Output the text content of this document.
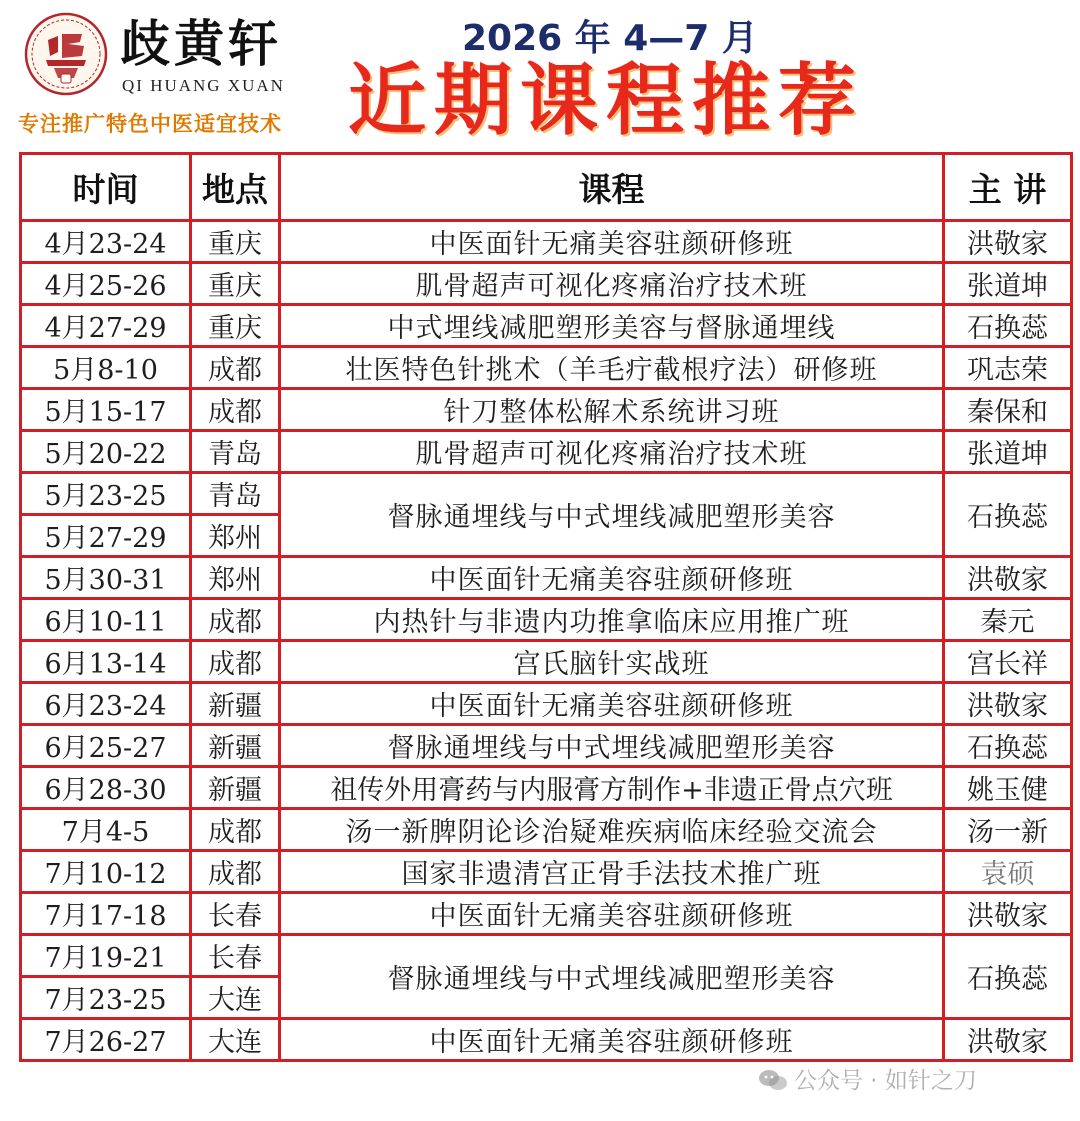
歧黄轩
QI HUANG XUAN
专注推广特色中医适宜技术
2026 年 4—7 月
近期课程推荐
时间	地点	课程	主 讲
4月23-24	重庆	中医面针无痛美容驻颜研修班	洪敬家
4月25-26	重庆	肌骨超声可视化疼痛治疗技术班	张道坤
4月27-29	重庆	中式埋线减肥塑形美容与督脉通埋线	石换蕊
5月8-10	成都	壮医特色针挑术（羊毛疔截根疗法）研修班	巩志荣
5月15-17	成都	针刀整体松解术系统讲习班	秦保和
5月20-22	青岛	肌骨超声可视化疼痛治疗技术班	张道坤
5月23-25	青岛	督脉通埋线与中式埋线减肥塑形美容	石换蕊
5月27-29	郑州		
5月30-31	郑州	中医面针无痛美容驻颜研修班	洪敬家
6月10-11	成都	内热针与非遗内功推拿临床应用推广班	秦元
6月13-14	成都	宫氏脑针实战班	宫长祥
6月23-24	新疆	中医面针无痛美容驻颜研修班	洪敬家
6月25-27	新疆	督脉通埋线与中式埋线减肥塑形美容	石换蕊
6月28-30	新疆	祖传外用膏药与内服膏方制作+非遗正骨点穴班	姚玉健
7月4-5	成都	汤一新脾阴论诊治疑难疾病临床经验交流会	汤一新
7月10-12	成都	国家非遗清宫正骨手法技术推广班	袁硕
7月17-18	长春	中医面针无痛美容驻颜研修班	洪敬家
7月19-21	长春	督脉通埋线与中式埋线减肥塑形美容	石换蕊
7月23-25	大连		
7月26-27	大连	中医面针无痛美容驻颜研修班	洪敬家
公众号 · 如针之刀
